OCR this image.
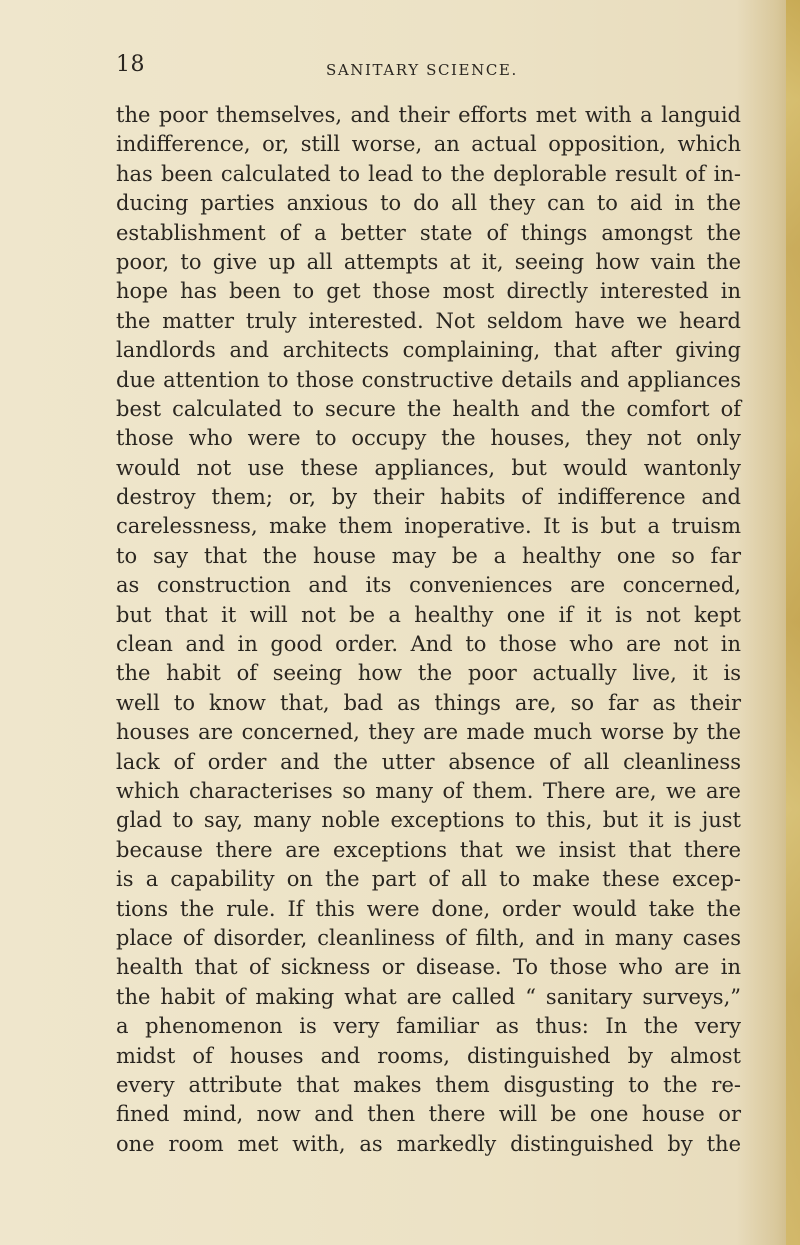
18	SANITARY SCIENCE.
the poor themselves, and their efforts met with a languid
indifference, or, still worse, an actual opposition, which
has been calculated to lead to the deplorable result of in-
ducing parties anxious to do all they can to aid in the
establishment of a better state of things amongst the
poor, to give up all attempts at it, seeing how vain the
hope has been to get those most directly interested in
the matter truly interested. Not seldom have we heard
landlords and architects complaining, that after giving
due attention to those constructive details and appliances
best calculated to secure the health and the comfort of
those who were to occupy the houses, they not only
would not use these appliances, but would wantonly
destroy them; or, by their habits of indifference and
carelessness, make them inoperative. It is but a truism
to say that the house may be a healthy one so far
as construction and its conveniences are concerned,
but that it will not be a healthy one if it is not kept
clean and in good order. And to those who are not in
the habit of seeing how the poor actually live, it is
well to know that, bad as things are, so far as their
houses are concerned, they are made much worse by the
lack of order and the utter absence of all cleanliness
which characterises so many of them. There are, we are
glad to say, many noble exceptions to this, but it is just
because there are exceptions that we insist that there
is a capability on the part of all to make these excep-
tions the rule. If this were done, order would take the
place of disorder, cleanliness of filth, and in many cases
health that of sickness or disease. To those who are in
the habit of making what are called “ sanitary surveys,”
a phenomenon is very familiar as thus: In the very
midst of houses and rooms, distinguished by almost
every attribute that makes them disgusting to the re-
fined mind, now and then there will be one house or
one room met with, as markedly distinguished by the
